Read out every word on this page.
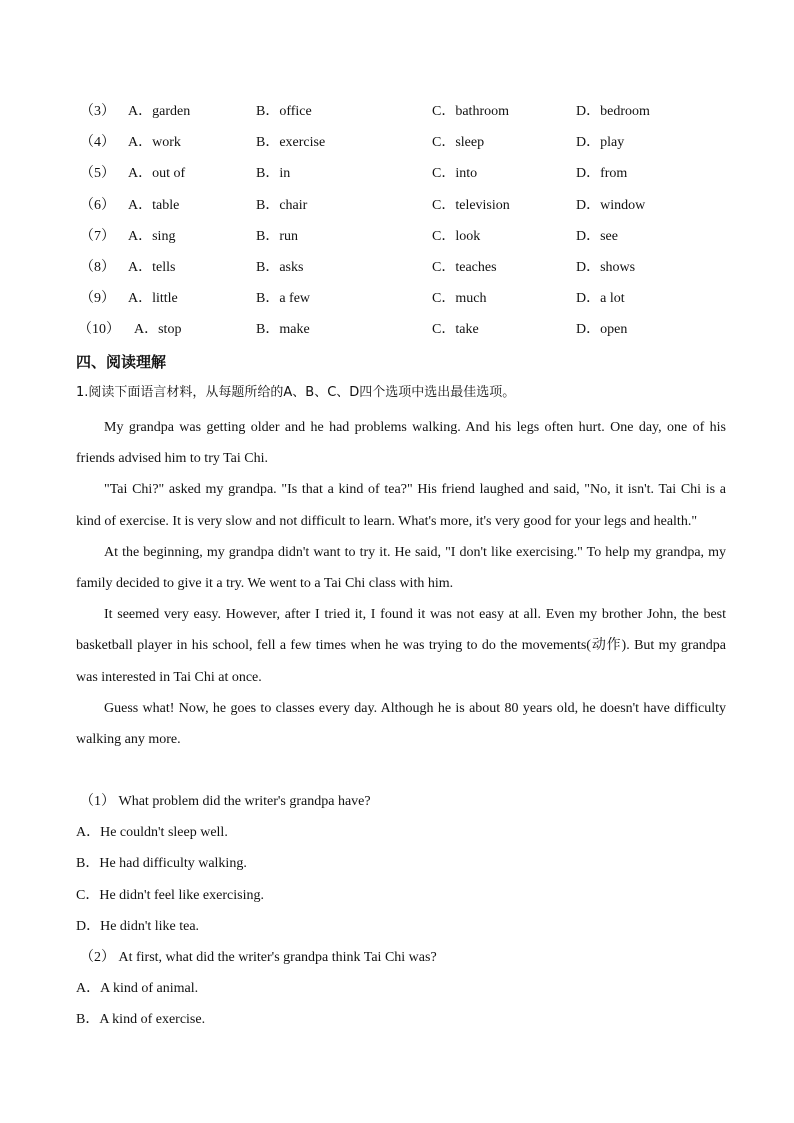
（3） A．garden	B．office	C．bathroom	D．bedroom
（4） A．work	B．exercise	C．sleep	D．play
（5） A．out of	B．in	C．into	D．from
（6） A．table	B．chair	C．television	D．window
（7） A．sing	B．run	C．look	D．see
（8） A．tells	B．asks	C．teaches	D．shows
（9） A．little	B．a few	C．much	D．a lot
（10） A．stop	B．make	C．take	D．open
四、阅读理解
1.阅读下面语言材料，从每题所给的A、B、C、D四个选项中选出最佳选项。

My grandpa was getting older and he had problems walking. And his legs often hurt. One day, one of his friends advised him to try Tai Chi.

"Tai Chi?" asked my grandpa. "Is that a kind of tea?" His friend laughed and said, "No, it isn't. Tai Chi is a kind of exercise. It is very slow and not difficult to learn. What's more, it's very good for your legs and health."

At the beginning, my grandpa didn't want to try it. He said, "I don't like exercising." To help my grandpa, my family decided to give it a try. We went to a Tai Chi class with him.

It seemed very easy. However, after I tried it, I found it was not easy at all. Even my brother John, the best basketball player in his school, fell a few times when he was trying to do the movements(动作). But my grandpa was interested in Tai Chi at once.

Guess what! Now, he goes to classes every day. Although he is about 80 years old, he doesn't have difficulty walking any more.

（1） What problem did the writer's grandpa have?
A．He couldn't sleep well.
B．He had difficulty walking.
C．He didn't feel like exercising.
D．He didn't like tea.
（2） At first, what did the writer's grandpa think Tai Chi was?
A．A kind of animal.
B．A kind of exercise.
